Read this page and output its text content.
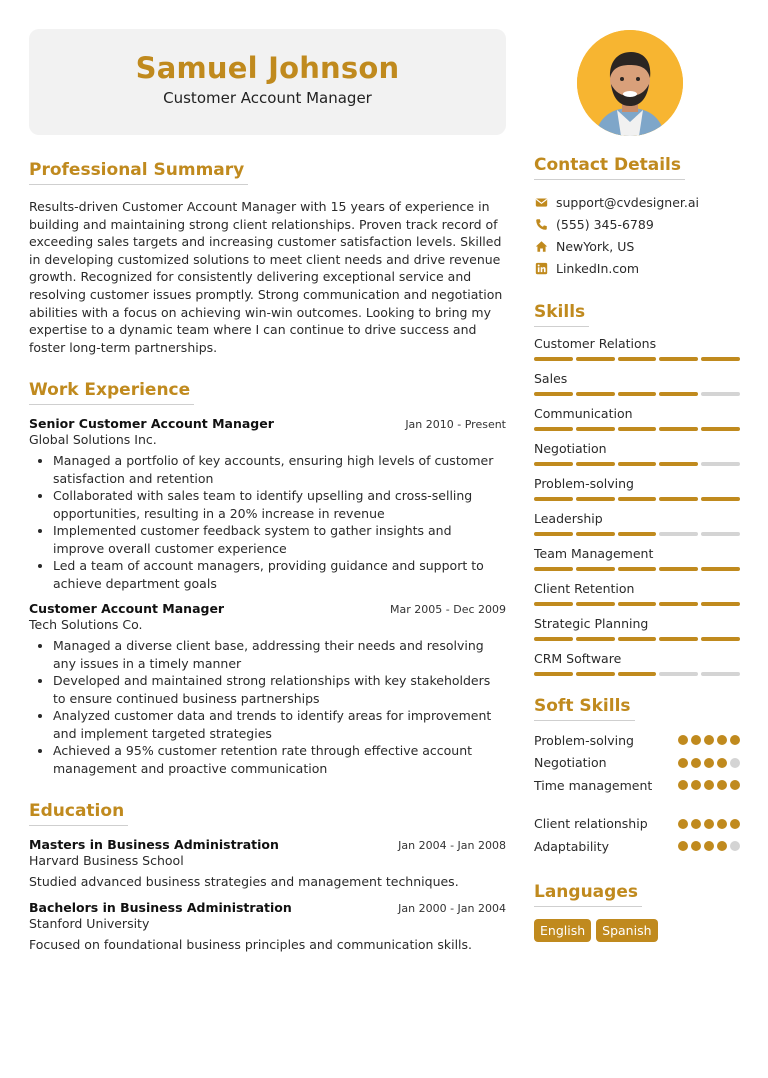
Samuel Johnson
Customer Account Manager
Professional Summary
Results-driven Customer Account Manager with 15 years of experience in building and maintaining strong client relationships. Proven track record of exceeding sales targets and increasing customer satisfaction levels. Skilled in developing customized solutions to meet client needs and drive revenue growth. Recognized for consistently delivering exceptional service and resolving customer issues promptly. Strong communication and negotiation abilities with a focus on achieving win-win outcomes. Looking to bring my expertise to a dynamic team where I can continue to drive success and foster long-term partnerships.
Work Experience
Senior Customer Account Manager	Jan 2010 - Present
Global Solutions Inc.
• Managed a portfolio of key accounts, ensuring high levels of customer satisfaction and retention
• Collaborated with sales team to identify upselling and cross-selling opportunities, resulting in a 20% increase in revenue
• Implemented customer feedback system to gather insights and improve overall customer experience
• Led a team of account managers, providing guidance and support to achieve department goals
Customer Account Manager	Mar 2005 - Dec 2009
Tech Solutions Co.
• Managed a diverse client base, addressing their needs and resolving any issues in a timely manner
• Developed and maintained strong relationships with key stakeholders to ensure continued business partnerships
• Analyzed customer data and trends to identify areas for improvement and implement targeted strategies
• Achieved a 95% customer retention rate through effective account management and proactive communication
Education
Masters in Business Administration	Jan 2004 - Jan 2008
Harvard Business School
Studied advanced business strategies and management techniques.
Bachelors in Business Administration	Jan 2000 - Jan 2004
Stanford University
Focused on foundational business principles and communication skills.
Contact Details
support@cvdesigner.ai
(555) 345-6789
NewYork, US
LinkedIn.com
Skills
Customer Relations
Sales
Communication
Negotiation
Problem-solving
Leadership
Team Management
Client Retention
Strategic Planning
CRM Software
Soft Skills
Problem-solving
Negotiation
Time management
Client relationship
Adaptability
Languages
English	Spanish
